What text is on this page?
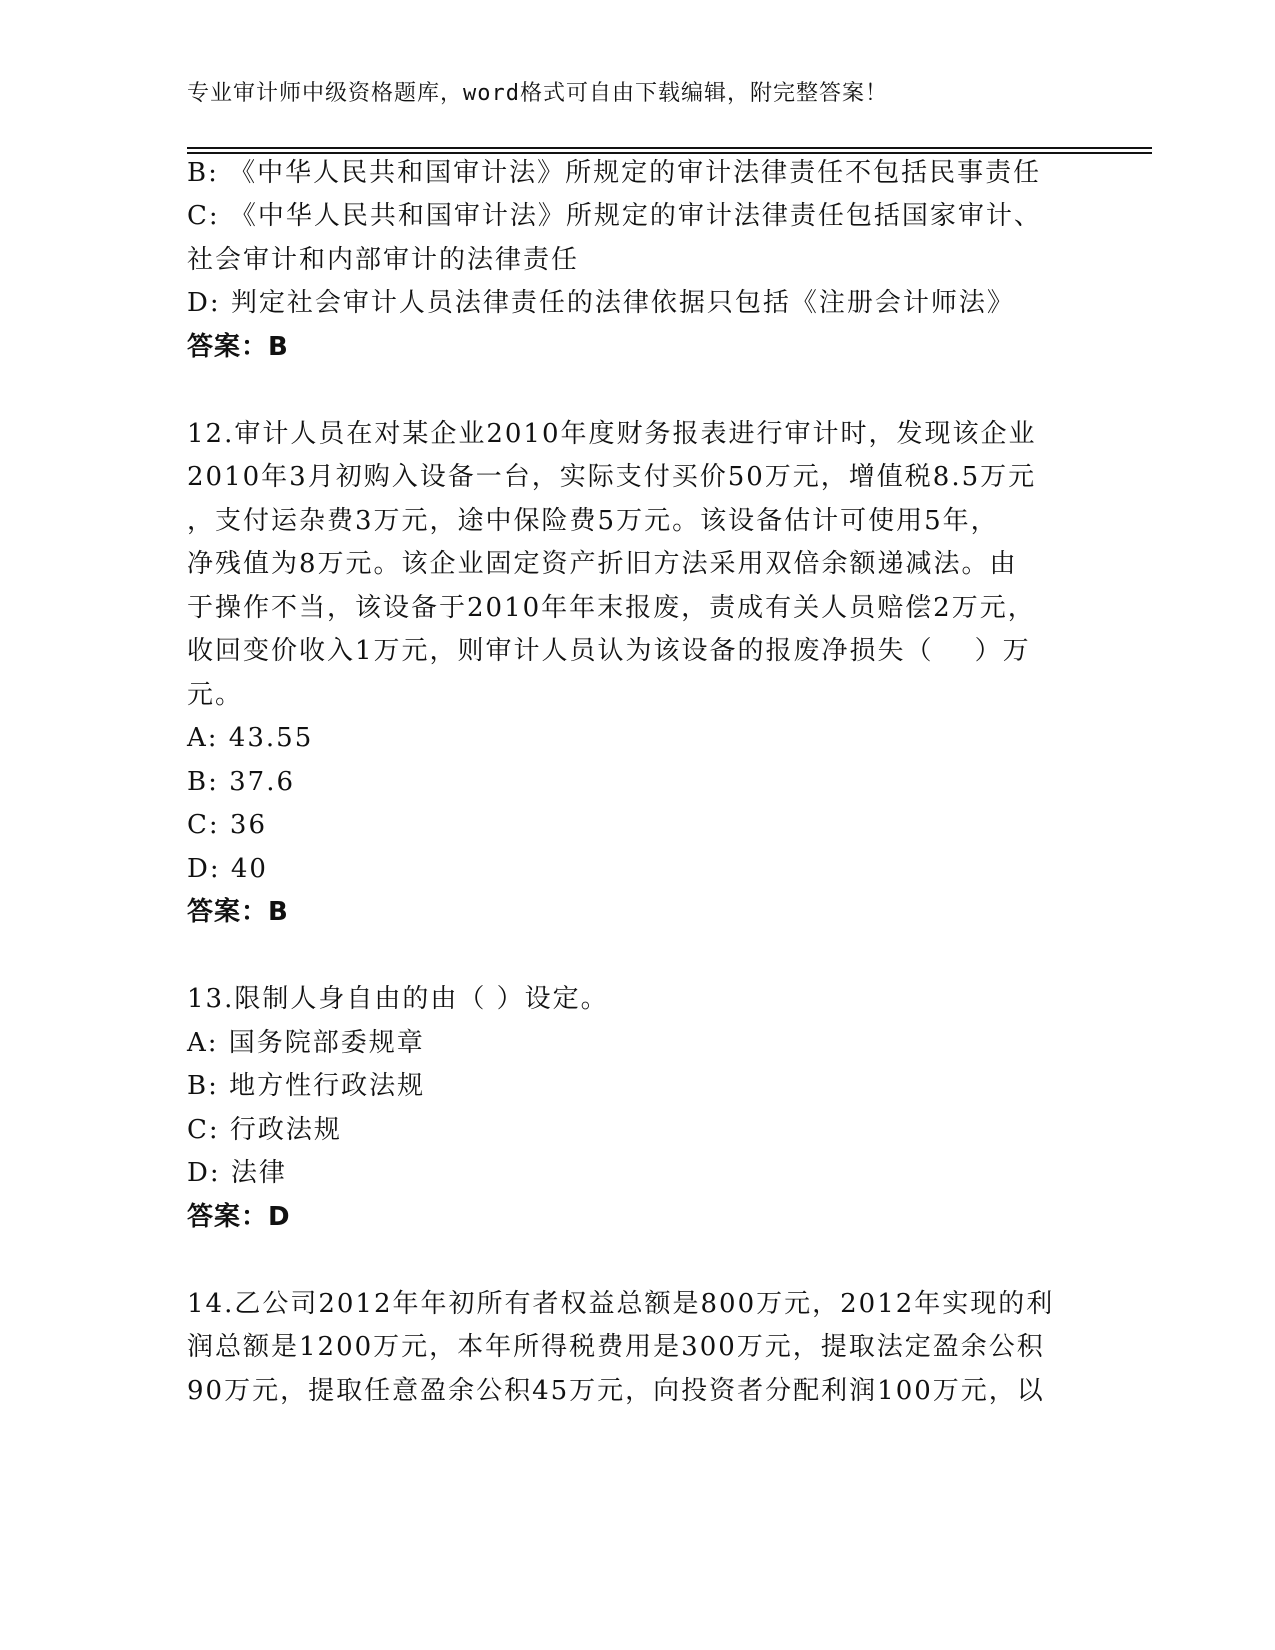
专业审计师中级资格题库，word格式可自由下载编辑，附完整答案！
B: 《中华人民共和国审计法》所规定的审计法律责任不包括民事责任
C: 《中华人民共和国审计法》所规定的审计法律责任包括国家审计、
社会审计和内部审计的法律责任
D: 判定社会审计人员法律责任的法律依据只包括《注册会计师法》
答案：B
12.审计人员在对某企业2010年度财务报表进行审计时，发现该企业
2010年3月初购入设备一台，实际支付买价50万元，增值税8.5万元
，支付运杂费3万元，途中保险费5万元。该设备估计可使用5年，
净残值为8万元。该企业固定资产折旧方法采用双倍余额递减法。由
于操作不当，该设备于2010年年末报废，责成有关人员赔偿2万元，
收回变价收入1万元，则审计人员认为该设备的报废净损失（    ）万
元。
A: 43.55
B: 37.6
C: 36
D: 40
答案：B
13.限制人身自由的由（ ）设定。
A: 国务院部委规章
B: 地方性行政法规
C: 行政法规
D: 法律
答案：D
14.乙公司2012年年初所有者权益总额是800万元，2012年实现的利
润总额是1200万元，本年所得税费用是300万元，提取法定盈余公积
90万元，提取任意盈余公积45万元，向投资者分配利润100万元，以
